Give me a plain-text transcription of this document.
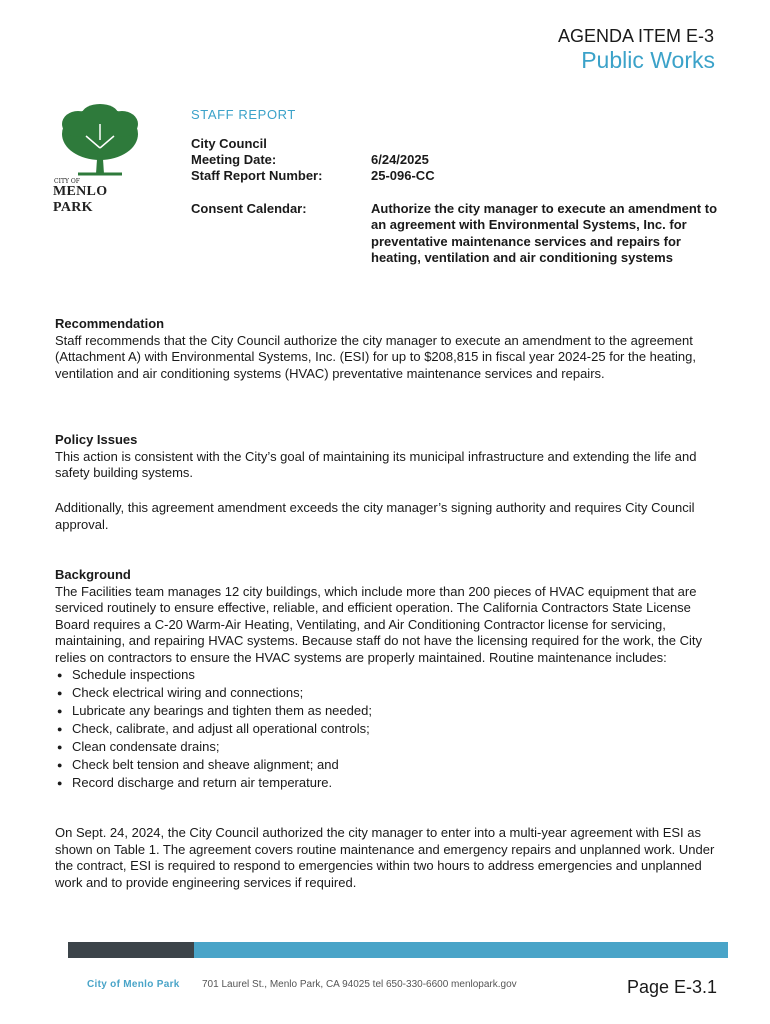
AGENDA ITEM E-3
Public Works
CITY OF
MENLO PARK
STAFF REPORT
City Council
Meeting Date:	6/24/2025
Staff Report Number:	25-096-CC
Consent Calendar:	Authorize the city manager to execute an amendment to an agreement with Environmental Systems, Inc. for preventative maintenance services and repairs for heating, ventilation and air conditioning systems
Recommendation

Staff recommends that the City Council authorize the city manager to execute an amendment to the agreement (Attachment A) with Environmental Systems, Inc. (ESI) for up to $208,815 in fiscal year 2024-25 for the heating, ventilation and air conditioning systems (HVAC) preventative maintenance services and repairs.

Policy Issues

This action is consistent with the City’s goal of maintaining its municipal infrastructure and extending the life and safety building systems.

Additionally, this agreement amendment exceeds the city manager’s signing authority and requires City Council approval.

Background

The Facilities team manages 12 city buildings, which include more than 200 pieces of HVAC equipment that are serviced routinely to ensure effective, reliable, and efficient operation. The California Contractors State License Board requires a C-20 Warm-Air Heating, Ventilating, and Air Conditioning Contractor license for servicing, maintaining, and repairing HVAC systems. Because staff do not have the licensing required for the work, the City relies on contractors to ensure the HVAC systems are properly maintained. Routine maintenance includes:

● Schedule inspections
● Check electrical wiring and connections;
● Lubricate any bearings and tighten them as needed;
● Check, calibrate, and adjust all operational controls;
● Clean condensate drains;
● Check belt tension and sheave alignment; and
● Record discharge and return air temperature.

On Sept. 24, 2024, the City Council authorized the city manager to enter into a multi-year agreement with ESI as shown on Table 1. The agreement covers routine maintenance and emergency repairs and unplanned work. Under the contract, ESI is required to respond to emergencies within two hours to address emergencies and unplanned work and to provide engineering services if required.

City of Menlo Park 701 Laurel St., Menlo Park, CA 94025 tel 650-330-6600 menlopark.gov	Page E-3.1
